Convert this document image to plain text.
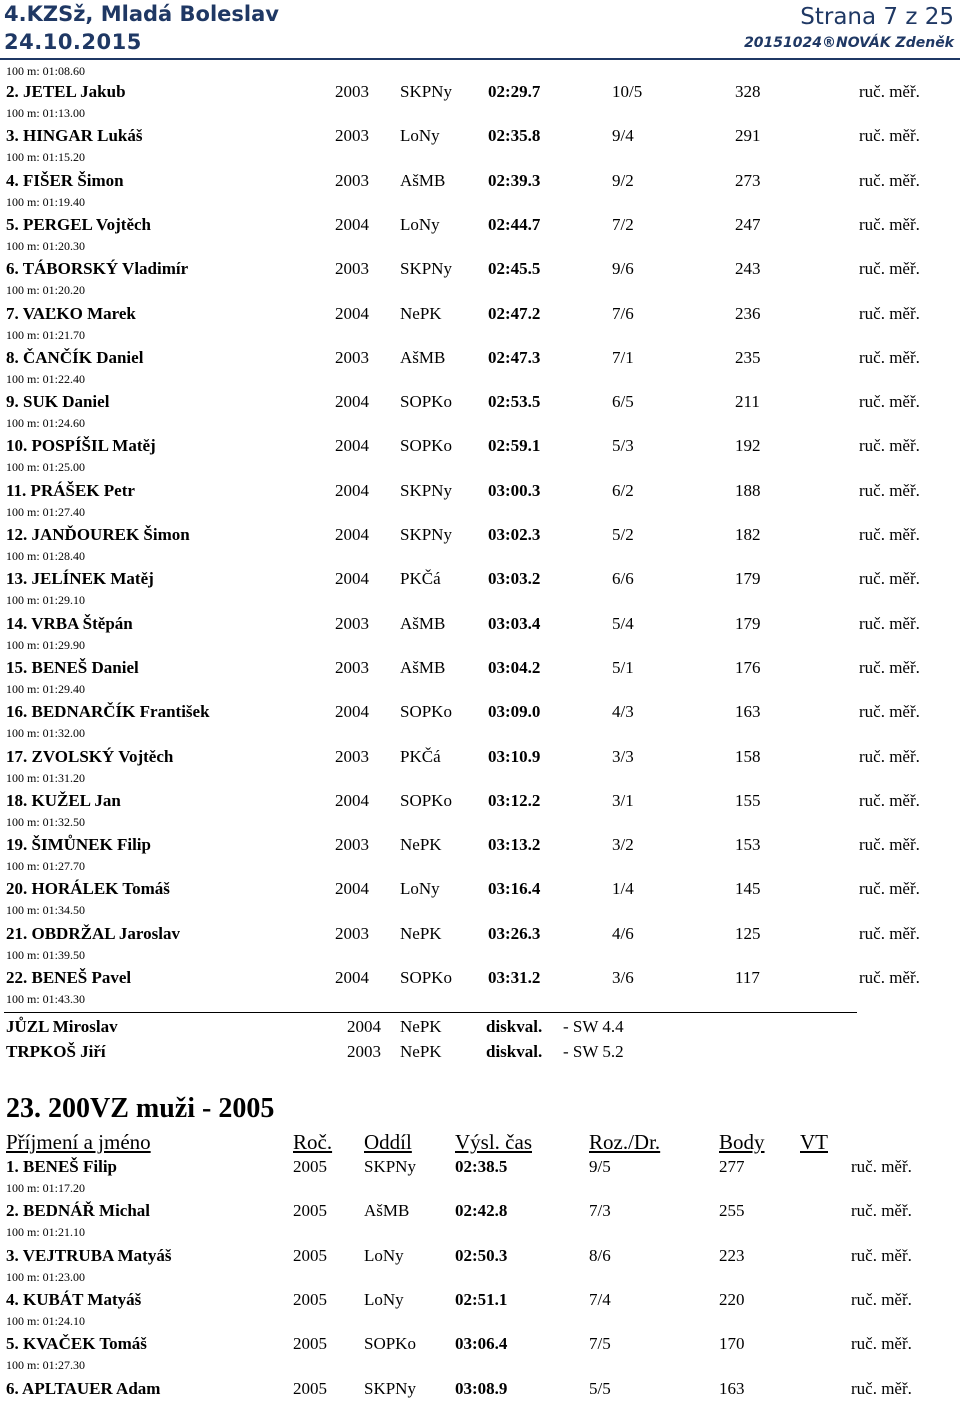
4.KZSž, Mladá Boleslav
24.10.2015
Strana 7 z 25
20151024®NOVÁK Zdeněk
100 m: 01:08.60
2. JETEL Jakub	2003 SKPNy 02:29.7	10/5	328	ruč. měř.
100 m: 01:13.00
3. HINGAR Lukáš	2003 LoNy	02:35.8	9/4	291	ruč. měř.
100 m: 01:15.20
4. FIŠER Šimon	2003 AšMB	02:39.3	9/2	273	ruč. měř.
100 m: 01:19.40
5. PERGEL Vojtěch	2004 LoNy	02:44.7	7/2	247	ruč. měř.
100 m: 01:20.30
6. TÁBORSKÝ Vladimír	2003 SKPNy 02:45.5	9/6	243	ruč. měř.
100 m: 01:20.20
7. VAĽKO Marek	2004 NePK	02:47.2	7/6	236	ruč. měř.
100 m: 01:21.70
8. ČANČÍK Daniel	2003 AšMB	02:47.3	7/1	235	ruč. měř.
100 m: 01:22.40
9. SUK Daniel	2004 SOPKo 02:53.5	6/5	211	ruč. měř.
100 m: 01:24.60
10. POSPÍŠIL Matěj	2004 SOPKo 02:59.1	5/3	192	ruč. měř.
100 m: 01:25.00
11. PRÁŠEK Petr	2004 SKPNy 03:00.3	6/2	188	ruč. měř.
100 m: 01:27.40
12. JANĎOUREK Šimon	2004 SKPNy 03:02.3	5/2	182	ruč. měř.
100 m: 01:28.40
13. JELÍNEK Matěj	2004 PKČá	03:03.2	6/6	179	ruč. měř.
100 m: 01:29.10
14. VRBA Štěpán	2003 AšMB	03:03.4	5/4	179	ruč. měř.
100 m: 01:29.90
15. BENEŠ Daniel	2003 AšMB	03:04.2	5/1	176	ruč. měř.
100 m: 01:29.40
16. BEDNARČÍK František	2004 SOPKo 03:09.0	4/3	163	ruč. měř.
100 m: 01:32.00
17. ZVOLSKÝ Vojtěch	2003 PKČá	03:10.9	3/3	158	ruč. měř.
100 m: 01:31.20
18. KUŽEL Jan	2004 SOPKo 03:12.2	3/1	155	ruč. měř.
100 m: 01:32.50
19. ŠIMŮNEK Filip	2003 NePK	03:13.2	3/2	153	ruč. měř.
100 m: 01:27.70
20. HORÁLEK Tomáš	2004 LoNy	03:16.4	1/4	145	ruč. měř.
100 m: 01:34.50
21. OBDRŽAL Jaroslav	2003 NePK	03:26.3	4/6	125	ruč. měř.
100 m: 01:39.50
22. BENEŠ Pavel	2004 SOPKo 03:31.2	3/6	117	ruč. měř.
100 m: 01:43.30
JŮZL Miroslav	2004 NePK	diskval. - SW 4.4
TRPKOŠ Jiří	2003 NePK	diskval. - SW 5.2
23. 200VZ muži - 2005
Příjmení a jméno	Roč. Oddíl Výsl. čas	Roz./Dr.	Body VT
1. BENEŠ Filip	2005 SKPNy 02:38.5	9/5	277	ruč. měř.
100 m: 01:17.20
2. BEDNÁŘ Michal	2005 AšMB	02:42.8	7/3	255	ruč. měř.
100 m: 01:21.10
3. VEJTRUBA Matyáš	2005 LoNy	02:50.3	8/6	223	ruč. měř.
100 m: 01:23.00
4. KUBÁT Matyáš	2005 LoNy	02:51.1	7/4	220	ruč. měř.
100 m: 01:24.10
5. KVAČEK Tomáš	2005 SOPKo 03:06.4	7/5	170	ruč. měř.
100 m: 01:27.30
6. APLTAUER Adam	2005 SKPNy 03:08.9	5/5	163	ruč. měř.
